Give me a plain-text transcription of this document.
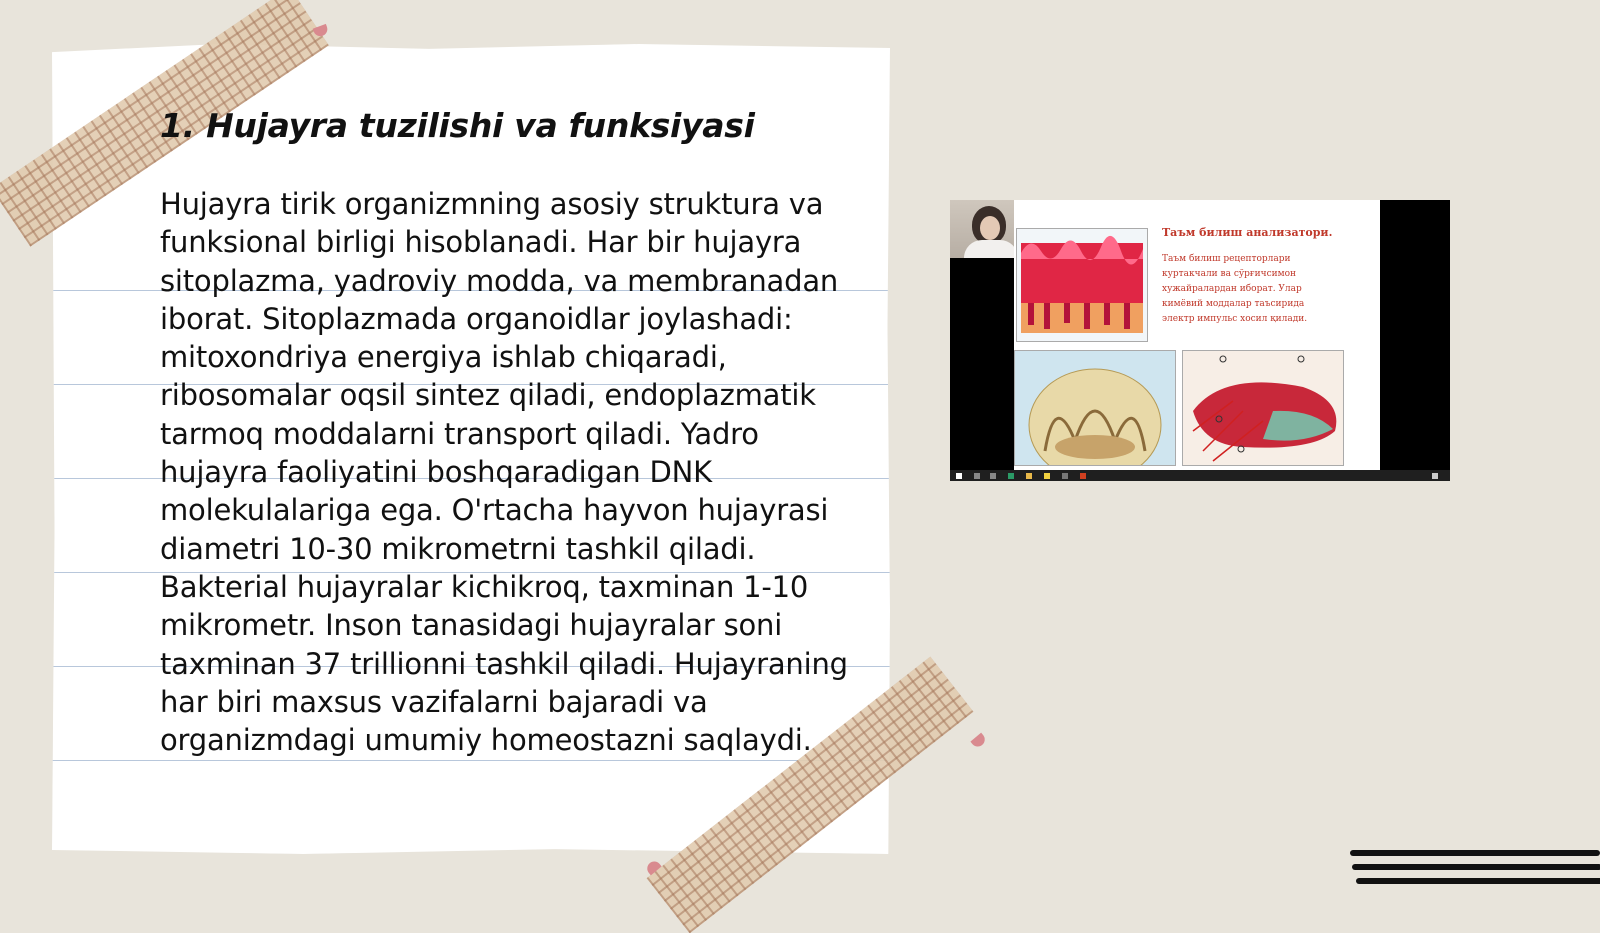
1. Hujayra tuzilishi va funksiyasi

Hujayra tirik organizmning asosiy struktura va funksional birligi hisoblanadi. Har bir hujayra sitoplazma, yadroviy modda, va membranadan iborat. Sitoplazmada organoidlar joylashadi: mitoxondriya energiya ishlab chiqaradi, ribosomalar oqsil sintez qiladi, endoplazmatik tarmoq moddalarni transport qiladi. Yadro hujayra faoliyatini boshqaradigan DNK molekulalariga ega. O'rtacha hayvon hujayrasi diametri 10-30 mikrometrni tashkil qiladi. Bakterial hujayralar kichikroq, taxminan 1-10 mikrometr. Inson tanasidagi hujayralar soni taxminan 37 trillionni tashkil qiladi. Hujayraning har biri maxsus vazifalarni bajaradi va organizmdagi umumiy homeostazni saqlaydi.

Таъм билиш анализатори.
Таъм билиш рецепторлари куртакчали ва сўрғичсимон хужайралардан иборат. Улар кимёвий моддалар таъсирида электр импульс хосил қилади.
